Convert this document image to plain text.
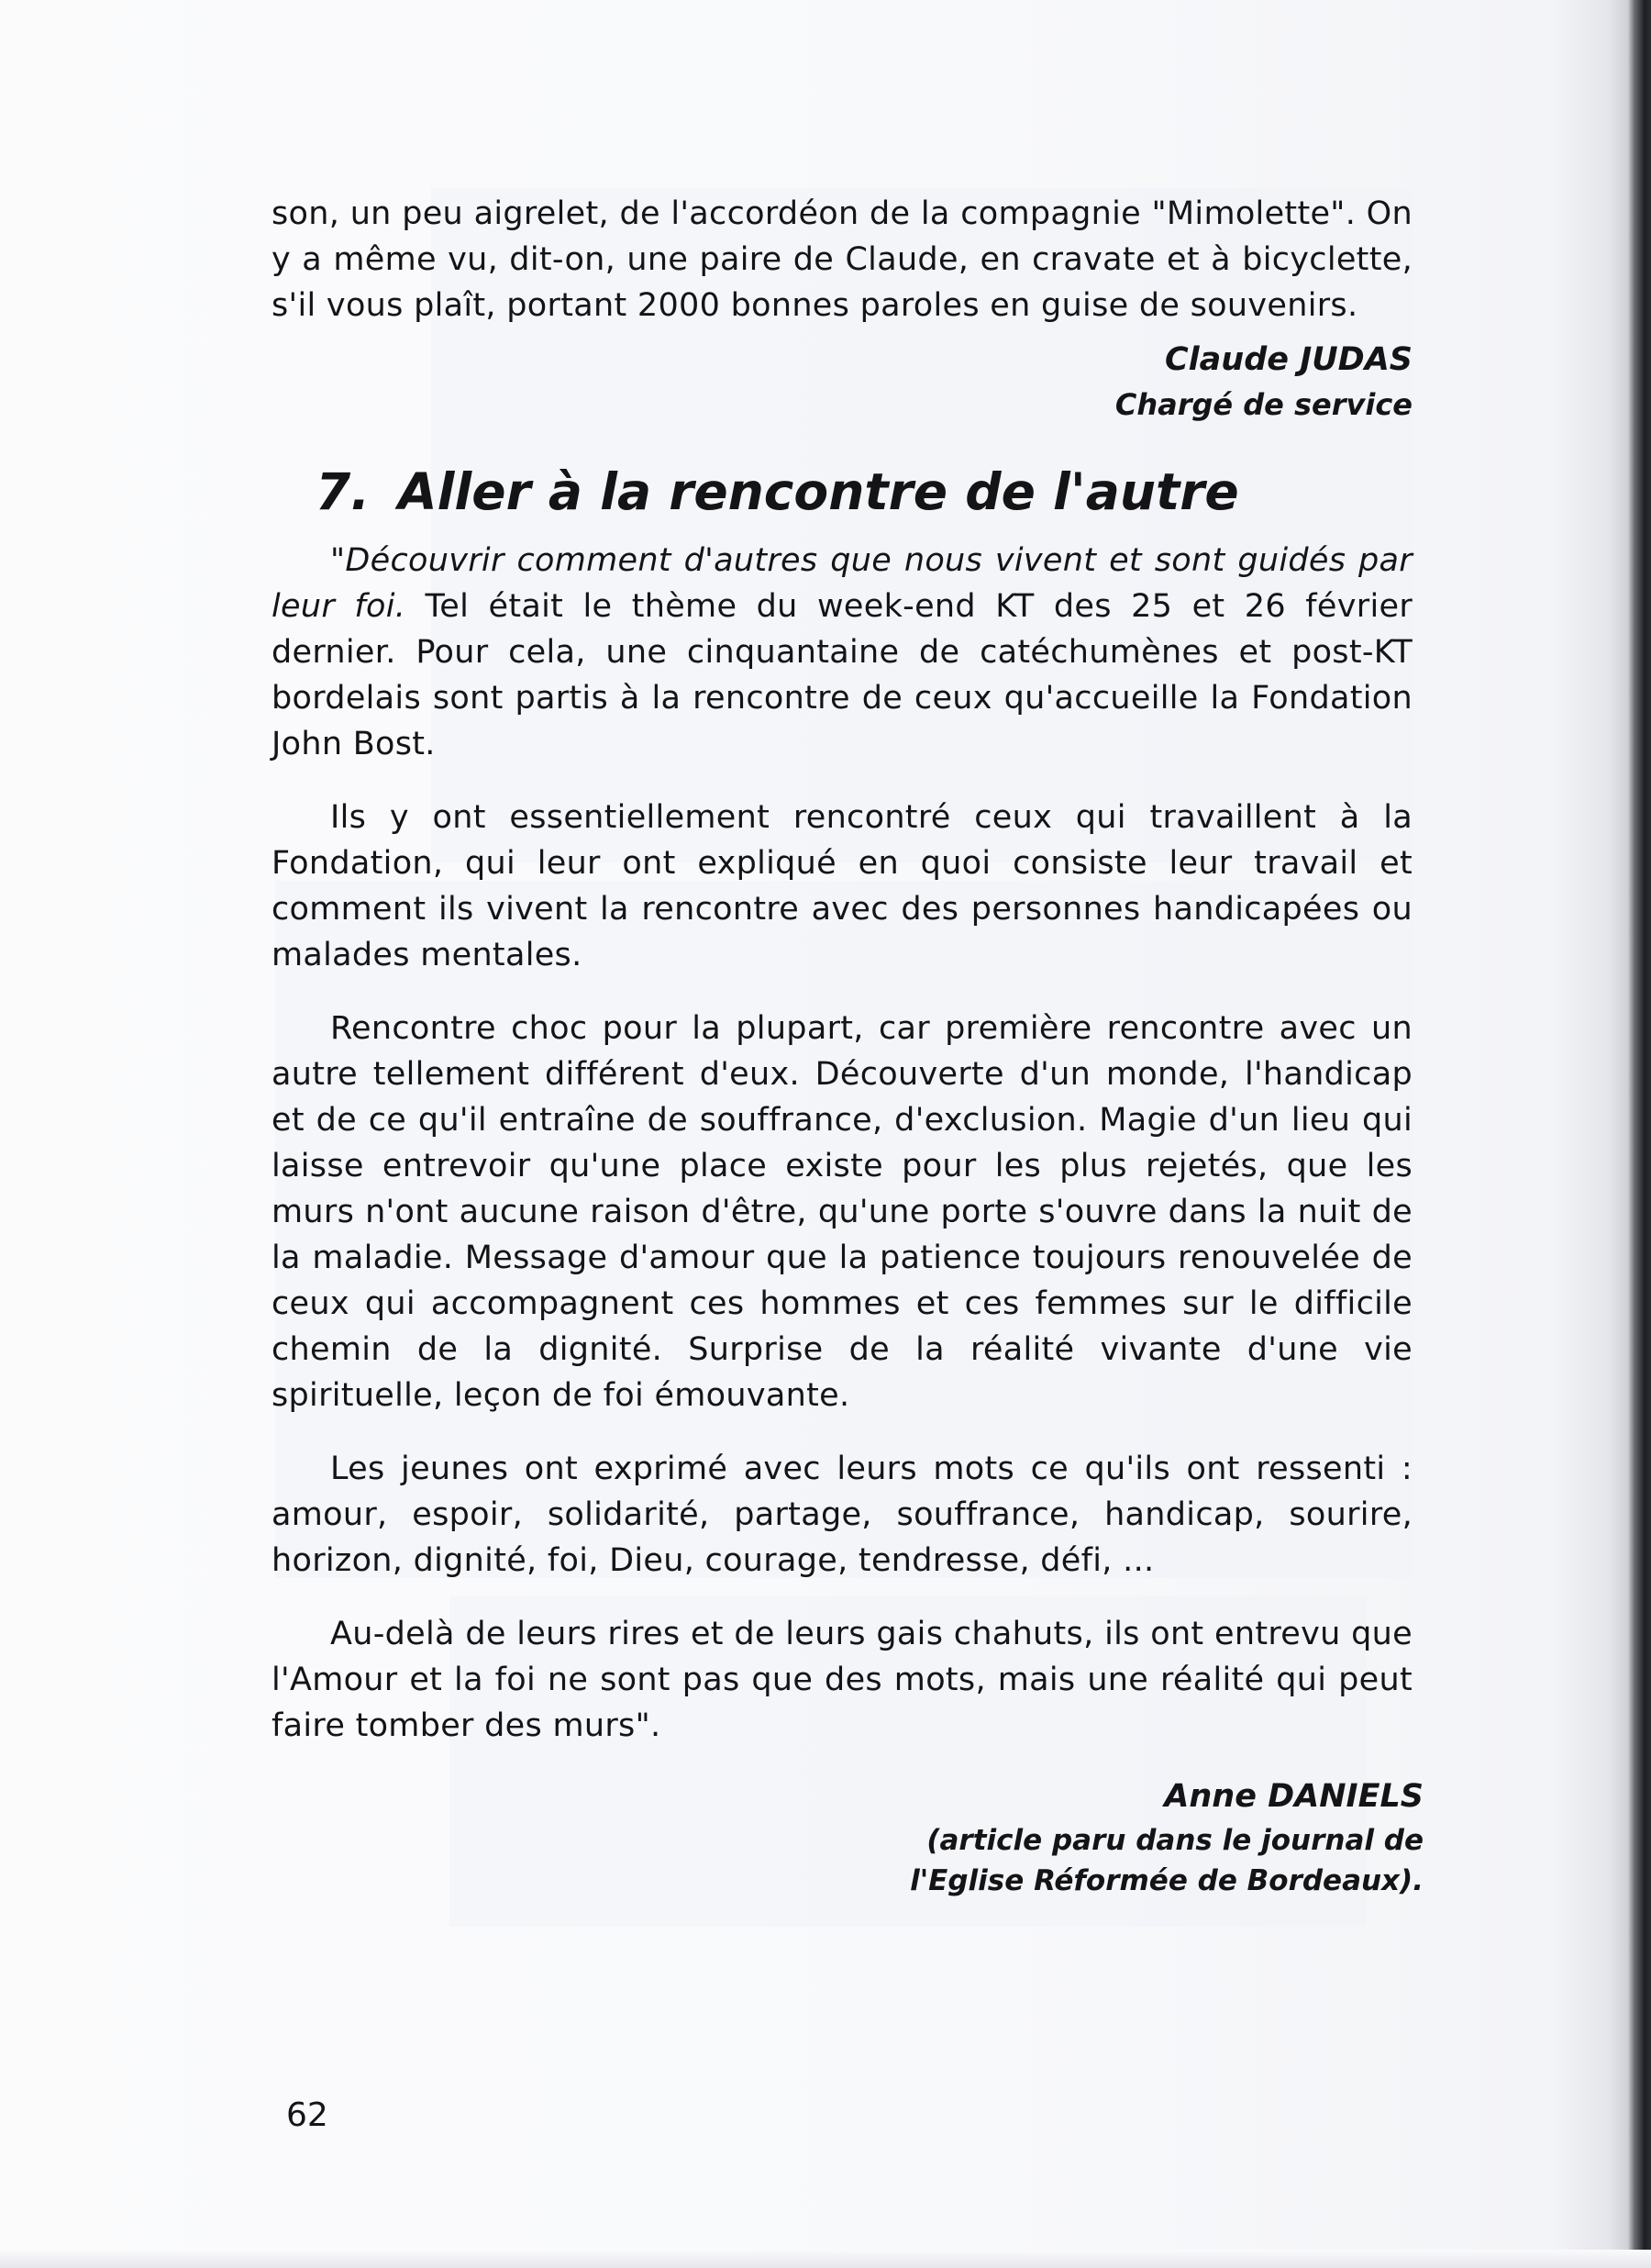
son, un peu aigrelet, de l'accordéon de la compagnie "Mimolette". On y a même vu, dit-on, une paire de Claude, en cravate et à bicyclette, s'il vous plaît, portant 2000 bonnes paroles en guise de souvenirs.

Claude JUDAS
Chargé de service
7. Aller à la rencontre de l'autre

"Découvrir comment d'autres que nous vivent et sont guidés par leur foi. Tel était le thème du week-end KT des 25 et 26 février dernier. Pour cela, une cinquantaine de catéchumènes et post-KT bordelais sont partis à la rencontre de ceux qu'accueille la Fondation John Bost.

Ils y ont essentiellement rencontré ceux qui travaillent à la Fondation, qui leur ont expliqué en quoi consiste leur travail et comment ils vivent la rencontre avec des personnes handicapées ou malades mentales.

Rencontre choc pour la plupart, car première rencontre avec un autre tellement différent d'eux. Découverte d'un monde, l'handicap et de ce qu'il entraîne de souffrance, d'exclusion. Magie d'un lieu qui laisse entrevoir qu'une place existe pour les plus rejetés, que les murs n'ont aucune raison d'être, qu'une porte s'ouvre dans la nuit de la maladie. Message d'amour que la patience toujours renouvelée de ceux qui accompagnent ces hommes et ces femmes sur le difficile chemin de la dignité. Surprise de la réalité vivante d'une vie spirituelle, leçon de foi émouvante.

Les jeunes ont exprimé avec leurs mots ce qu'ils ont ressenti : amour, espoir, solidarité, partage, souffrance, handicap, sourire, horizon, dignité, foi, Dieu, courage, tendresse, défi, ...

Au-delà de leurs rires et de leurs gais chahuts, ils ont entrevu que l'Amour et la foi ne sont pas que des mots, mais une réalité qui peut faire tomber des murs".

Anne DANIELS
(article paru dans le journal de
l'Eglise Réformée de Bordeaux).
62
